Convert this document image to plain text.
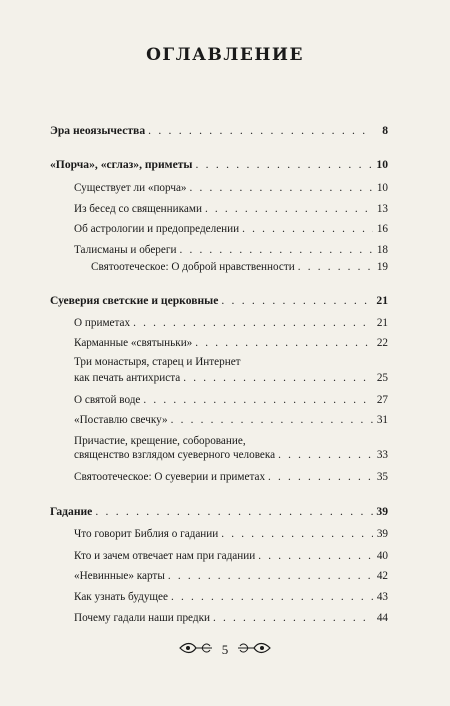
ОГЛАВЛЕНИЕ
Эра неоязычества . . .	8
«Порча», «сглаз», приметы . . .	10
Существует ли «порча» . . .	10
Из бесед со священниками . . .	13
Об астрологии и предопределении . . .	16
Талисманы и обереги . . .	18
Святоотеческое: О доброй нравственности . . .	19
Суеверия светские и церковные . . .	21
О приметах . . .	21
Карманные «святыньки» . . .	22
Три монастыря, старец и Интернет
как печать антихриста . . .	25
О святой воде . . .	27
«Поставлю свечку» . . .	31
Причастие, крещение, соборование,
священство взглядом суеверного человека . . .	33
Святоотеческое: О суеверии и приметах . . .	35
Гадание . . .	39
Что говорит Библия о гадании . . .	39
Кто и зачем отвечает нам при гадании . . .	40
«Невинные» карты . . .	42
Как узнать будущее . . .	43
Почему гадали наши предки . . .	44
5
